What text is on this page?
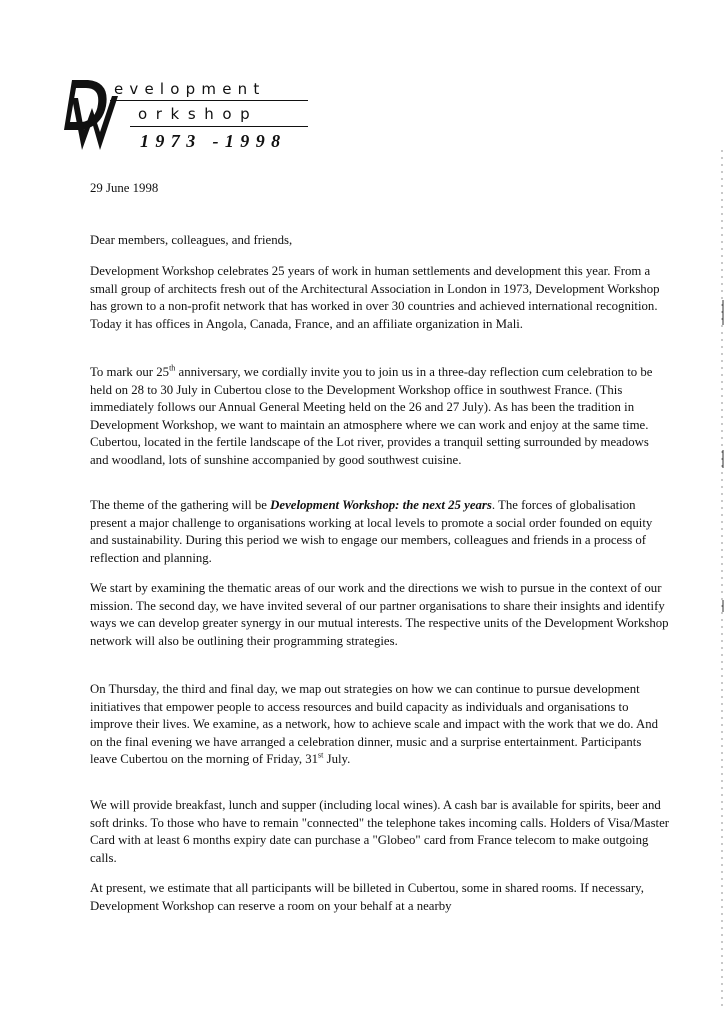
evelopment
orkshop
1973 -1998
29 June 1998
Dear members, colleagues, and friends,

Development Workshop celebrates 25 years of work in human settlements and development this year. From a small group of architects fresh out of the Architectural Association in London in 1973, Development Workshop has grown to a non-profit network that has worked in over 30 countries and achieved international recognition. Today it has offices in Angola, Canada, France, and an affiliate organization in Mali.

To mark our 25th anniversary, we cordially invite you to join us in a three-day reflection cum celebration to be held on 28 to 30 July in Cubertou close to the Development Workshop office in southwest France. (This immediately follows our Annual General Meeting held on the 26 and 27 July). As has been the tradition in Development Workshop, we want to maintain an atmosphere where we can work and enjoy at the same time. Cubertou, located in the fertile landscape of the Lot river, provides a tranquil setting surrounded by meadows and woodland, lots of sunshine accompanied by good southwest cuisine.

The theme of the gathering will be Development Workshop: the next 25 years. The forces of globalisation present a major challenge to organisations working at local levels to promote a social order founded on equity and sustainability. During this period we wish to engage our members, colleagues and friends in a process of reflection and planning.

We start by examining the thematic areas of our work and the directions we wish to pursue in the context of our mission. The second day, we have invited several of our partner organisations to share their insights and identify ways we can develop greater synergy in our mutual interests. The respective units of the Development Workshop network will also be outlining their programming strategies.

On Thursday, the third and final day, we map out strategies on how we can continue to pursue development initiatives that empower people to access resources and build capacity as individuals and organisations to improve their lives. We examine, as a network, how to achieve scale and impact with the work that we do. And on the final evening we have arranged a celebration dinner, music and a surprise entertainment. Participants leave Cubertou on the morning of Friday, 31st July.

We will provide breakfast, lunch and supper (including local wines). A cash bar is available for spirits, beer and soft drinks. To those who have to remain "connected" the telephone takes incoming calls. Holders of Visa/Master Card with at least 6 months expiry date can purchase a "Globeo" card from France telecom to make outgoing calls.

At present, we estimate that all participants will be billeted in Cubertou, some in shared rooms. If necessary, Development Workshop can reserve a room on your behalf at a nearby
